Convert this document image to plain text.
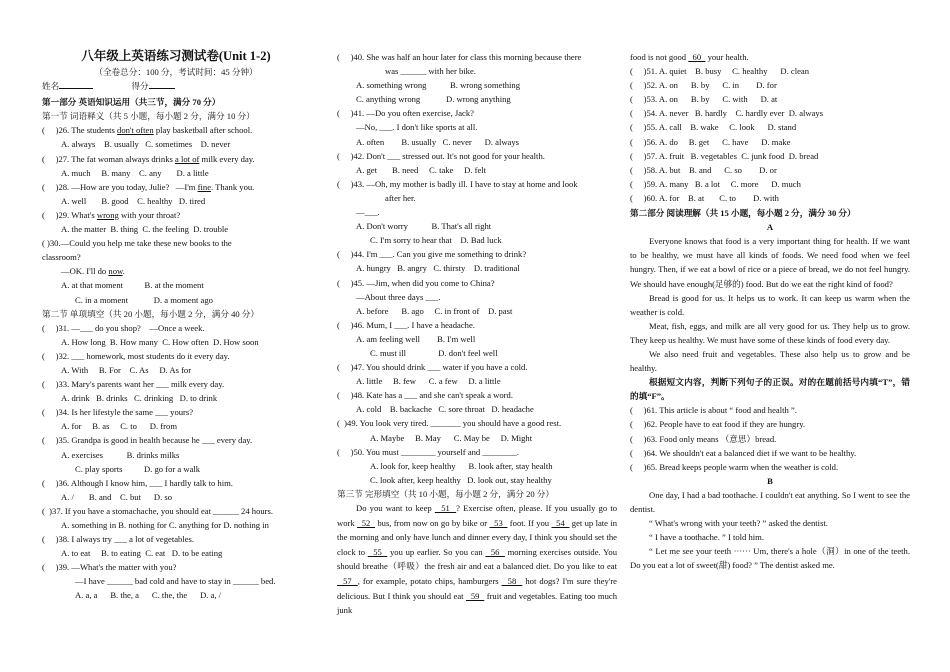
八年级上英语练习测试卷(Unit 1-2)
（全卷总分：100 分，考试时间：45 分钟）
姓名	得分
第一部分 英语知识运用（共三节，满分 70 分）
第一节 词语释义（共 5 小题，每小题 2 分，满分 10 分）
(     )26. The students don't often play basketball after school.
A. always    B. usually   C. sometimes    D. never
(     )27. The fat woman always drinks a lot of milk every day.
A. much     B. many    C. any       D. a little
(     )28. —How are you today, Julie?   —I'm fine. Thank you.
A. well       B. good    C. healthy   D. tired
(     )29. What's wrong with your throat?
A. the matter  B. thing  C. the feeling  D. trouble
( )30.—Could you help me take these new books to the
classroom?
—OK. I'll do now.
A. at that moment          B. at the moment
C. in a moment            D. a moment ago
第二节 单项填空（共 20 小题，每小题 2 分，满分 40 分）
(     )31. —___ do you shop?    —Once a week.
A. How long  B. How many  C. How often  D. How soon
(     )32. ___ homework, most students do it every day.
A. With     B. For    C. As     D. As for
(     )33. Mary's parents want her ___ milk every day.
A. drink   B. drinks   C. drinking   D. to drink
(     )34. Is her lifestyle the same ___ yours?
A. for     B. as     C. to      D. from
(     )35. Grandpa is good in health because he ___ every day.
A. exercises           B. drinks milks
C. play sports          D. go for a walk
(     )36. Although I know him, ___ I hardly talk to him.
A. /       B. and    C. but      D. so
(  )37. If you have a stomachache, you should eat ______ 24 hours.
A. something in B. nothing for C. anything for D. nothing in
(     )38. I always try ___ a lot of vegetables.
A. to eat     B. to eating  C. eat   D. to be eating
(     )39. —What's the matter with you?
—I have ______ bad cold and have to stay in ______ bed.
A. a, a      B. the, a      C. the, the      D. a, /
(     )40. She was half an hour later for class this morning because there
was ______ with her bike.
A. something wrong           B. wrong something
C. anything wrong            D. wrong anything
(     )41. —Do you often exercise, Jack?
—No, ___. I don't like sports at all.
A. often        B. usually   C. never      D. always
(     )42. Don't ___ stressed out. It's not good for your health.
A. get       B. need     C. take     D. felt
(     )43. —Oh, my mother is badly ill. I have to stay at home and look
after her.
—___.
A. Don't worry           B. That's all right
C. I'm sorry to hear that    D. Bad luck
(     )44. I'm ___. Can you give me something to drink?
A. hungry   B. angry   C. thirsty    D. traditional
(     )45. —Jim, when did you come to China?
—About three days ___.
A. before      B. ago     C. in front of    D. past
(     )46. Mum, I ___. I have a headache.
A. am feeling well        B. I'm well
C. must ill               D. don't feel well
(     )47. You should drink ___ water if you have a cold.
A. little     B. few      C. a few     D. a little
(     )48. Kate has a ___ and she can't speak a word.
A. cold    B. backache   C. sore throat   D. headache
(  )49. You look very tired. _______ you should have a good rest.
A. Maybe     B. May      C. May be     D. Might
(     )50. You must ________ yourself and ________.
A. look for, keep healthy      B. look after, stay health
C. look after, keep healthy   D. look out, stay healthy
第三节 完形填空（共 10 小题，每小题 2 分，满分 20 分）
Do you want to keep   51  ? Exercise often, please. If you usually go to work   52   bus, from now on go by bike or   53   foot. If you   54   get up late in the morning and only have lunch and dinner every day, I think you should set the clock to   55   you up earlier. So you can   56   morning exercises outside. You should breathe（呼吸）the fresh air and eat a balanced diet. Do you like to eat   57  , for example, potato chips, hamburgers   58   hot dogs? I'm sure they're delicious. But I think you should eat   59   fruit and vegetables. Eating too much junk
food is not good   60   your health.
(     )51. A. quiet    B. busy     C. healthy      D. clean
(     )52. A. on      B. by      C. in        D. for
(     )53. A. on      B. by      C. with      D. at
(     )54. A. never   B. hardly    C. hardly ever  D. always
(     )55. A. call    B. wake     C. look      D. stand
(     )56. A. do     B. get      C. have      D. make
(     )57. A. fruit   B. vegetables  C. junk food  D. bread
(     )58. A. but    B. and      C. so        D. or
(     )59. A. many   B. a lot     C. more      D. much
(     )60. A. for    B. at       C. to        D. with
第二部分 阅读理解（共 15 小题，每小题 2 分，满分 30 分）
A
Everyone knows that food is a very important thing for health. If we want to be healthy, we must have all kinds of foods. We need food when we feel hungry. Then, if we eat a bowl of rice or a piece of bread, we do not feel hungry. We should have enough(足够的) food. But do we eat the right kind of food?
Bread is good for us. It helps us to work. It can keep us warm when the weather is cold.
Meat, fish, eggs, and milk are all very good for us. They help us to grow. They keep us healthy. We must have some of these kinds of food every day.
We also need fruit and vegetables. These also help us to grow and be healthy.
根据短文内容，判断下列句子的正误。对的在题前括号内填“T”，错的填“F”。
(     )61. This article is about “ food and health ”.
(     )62. People have to eat food if they are hungry.
(     )63. Food only means （意思）bread.
(     )64. We shouldn't eat a balanced diet if we want to be healthy.
(     )65. Bread keeps people warm when the weather is cold.
B
One day, I had a bad toothache. I couldn't eat anything. So I went to see the dentist.
“ What's wrong with your teeth? ” asked the dentist.
“ I have a toothache. ” I told him.
“ Let me see your teeth ······ Um, there's a hole（洞）in one of the teeth. Do you eat a lot of sweet(甜) food? ” The dentist asked me.
